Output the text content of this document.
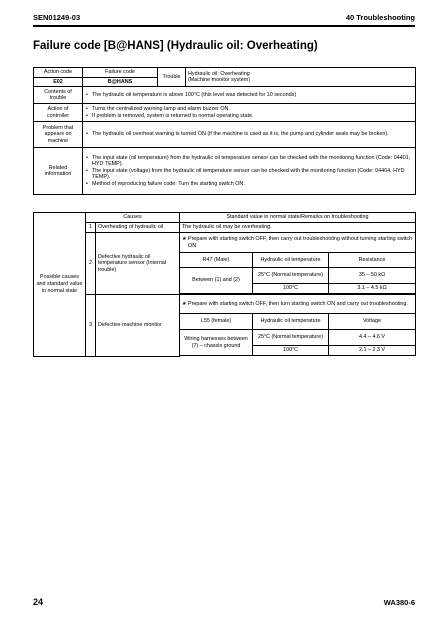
SEN01249-03	40 Troubleshooting
Failure code [B@HANS] (Hydraulic oil: Overheating)
Action code	Failure code	Trouble	Hydraulic oil: Overheating
(Machine monitor system)

E02	B@HANS		
Contents of trouble	• The hydraulic oil temperature is above 100°C (this level was detected for 10 seconds)

Action of controller	• Turns the centralized warning lamp and alarm buzzer ON.
• If problem is removed, system is returned to normal operating state.

Problem that appears on machine	• The hydraulic oil overheat warning is turned ON (if the machine is used as it is, the pump and cylinder seals may be broken).

Related information	• The input state (oil temperature) from the hydraulic oil temperature sensor can be checked with the monitoring function (Code: 04401, HYD TEMP).
• The input state (voltage) from the hydraulic oil temperature sensor can be checked with the monitoring function (Code: 04404, HYD TEMP).
• Method of reproducing failure code: Turn the starting switch ON.
Possible causes and standard value in normal state	Causes		Standard value in normal state/Remarks on troubleshooting		
	1	Overheating of hydraulic oil	The hydraulic oil may be overheating.		
	2	Defective hydraulic oil temperature sensor (Internal trouble)	★ Prepare with starting switch OFF, then carry out troubleshooting without turning starting switch ON.

			R47 (Male)	Hydraulic oil temperature	Resistance
			Between (1) and (2)	25°C (Normal temperature)	35 – 50 kΩ
				100°C	3.1 – 4.5 kΩ

	3	Defective machine monitor	★ Prepare with starting switch OFF, then turn starting switch ON and carry out troubleshooting.

			L55 (female)	Hydraulic oil temperature	Voltage
			Wiring harnesses between (7) – chassis ground	25°C (Normal temperature)	4.4 – 4.6 V
				100°C	2.1 – 2.3 V

24	WA380-6
